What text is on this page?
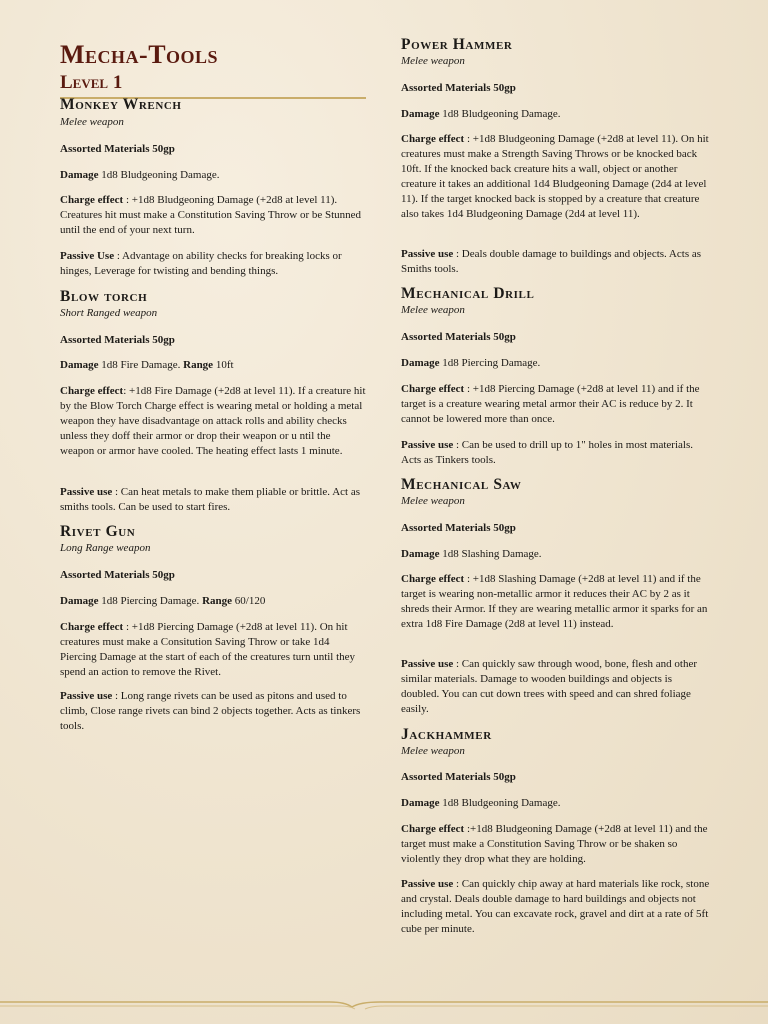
Mecha-Tools
Level 1
Monkey Wrench
Melee weapon

Assorted Materials 50gp

Damage 1d8 Bludgeoning Damage.

Charge effect : +1d8 Bludgeoning Damage (+2d8 at level 11). Creatures hit must make a Constitution Saving Throw or be Stunned until the end of your next turn.

Passive Use : Advantage on ability checks for breaking locks or hinges, Leverage for twisting and bending things.

Blow torch
Short Ranged weapon

Assorted Materials 50gp

Damage 1d8 Fire Damage. Range 10ft

Charge effect: +1d8 Fire Damage (+2d8 at level 11). If a creature hit by the Blow Torch Charge effect is wearing metal or holding a metal weapon they have disadvantage on attack rolls and ability checks unless they doff their armor or drop their weapon or u ntil the weapon or armor have cooled. The heating effect lasts 1 minute.

Passive use : Can heat metals to make them pliable or brittle. Act as smiths tools. Can be used to start fires.

Rivet Gun
Long Range weapon

Assorted Materials 50gp

Damage 1d8 Piercing Damage. Range 60/120

Charge effect : +1d8 Piercing Damage (+2d8 at level 11). On hit creatures must make a Consitution Saving Throw or take 1d4 Piercing Damage at the start of each of the creatures turn until they spend an action to remove the Rivet.

Passive use : Long range rivets can be used as pitons and used to climb, Close range rivets can bind 2 objects together. Acts as tinkers tools.

Power Hammer
Melee weapon

Assorted Materials 50gp

Damage 1d8 Bludgeoning Damage.

Charge effect : +1d8 Bludgeoning Damage (+2d8 at level 11). On hit creatures must make a Strength Saving Throws or be knocked back 10ft. If the knocked back creature hits a wall, object or another creature it takes an additional 1d4 Bludgeoning Damage (2d4 at level 11). If the target knocked back is stopped by a creature that creature also takes 1d4 Bludgeoning Damage (2d4 at level 11).

Passive use : Deals double damage to buildings and objects. Acts as Smiths tools.

Mechanical Drill
Melee weapon

Assorted Materials 50gp

Damage 1d8 Piercing Damage.

Charge effect : +1d8 Piercing Damage (+2d8 at level 11) and if the target is a creature wearing metal armor their AC is reduce by 2. It cannot be lowered more than once.

Passive use : Can be used to drill up to 1" holes in most materials. Acts as Tinkers tools.

Mechanical Saw
Melee weapon

Assorted Materials 50gp

Damage 1d8 Slashing Damage.

Charge effect : +1d8 Slashing Damage (+2d8 at level 11) and if the target is wearing non-metallic armor it reduces their AC by 2 as it shreds their Armor. If they are wearing metallic armor it sparks for an extra 1d8 Fire Damage (2d8 at level 11) instead.

Passive use : Can quickly saw through wood, bone, flesh and other similar materials. Damage to wooden buildings and objects is doubled. You can cut down trees with speed and can shred foliage easily.

Jackhammer
Melee weapon

Assorted Materials 50gp

Damage 1d8 Bludgeoning Damage.

Charge effect :+1d8 Bludgeoning Damage (+2d8 at level 11) and the target must make a Constitution Saving Throw or be shaken so violently they drop what they are holding.

Passive use : Can quickly chip away at hard materials like rock, stone and crystal. Deals double damage to hard buildings and objects not including metal. You can excavate rock, gravel and dirt at a rate of 5ft cube per minute.
